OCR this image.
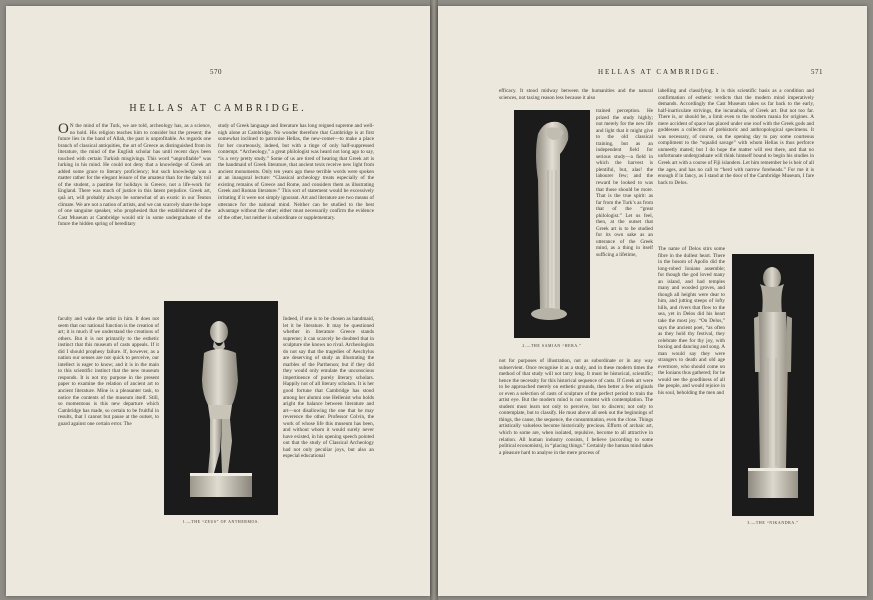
570
HELLAS AT CAMBRIDGE.
O N the mind of the Turk, we are told, archeology has, as a science, no hold. His religion teaches him to consider but the present; the future lies in the hand of Allah, the past is unprofitable. As regards one branch of classical antiquities, the art of Greece as distinguished from its literature, the mind of the English scholar has until recent days been touched with certain Turkish misgivings. This word “unprofitable” was lurking in his mind. He could not deny that a knowledge of Greek art added some grace to literary proficiency; but such knowledge was a matter rather for the elegant leisure of the amateur than for the daily toil of the student, a pastime for holidays in Greece, not a life-work for England. There was much of justice in this latent prejudice. Greek art, quâ art, will probably always be somewhat of an exotic in our Teuton climate. We are not a nation of artists, and we can scarcely share the hope of one sanguine speaker, who prophesied that the establishment of the Cast Museum at Cambridge would stir in some undergraduate of the future the hidden spring of hereditary
faculty and wake the artist in him. It does not seem that our national function is the creation of art; it is much if we understand the creations of others. But it is not primarily to the esthetic instinct that this museum of casts appeals. If it did I should prophesy failure. If, however, as a nation our senses are not quick to perceive, our intellect is eager to know; and it is in the main to this scientific instinct that the new museum responds. It is not my purpose in the present paper to examine the relation of ancient art to ancient literature. Mine is a pleasanter task, to notice the contents of the museum itself. Still, so momentous is this new departure which Cambridge has made, so certain to be fruitful in results, that I cannot but pause at the outset, to guard against one certain error. The
study of Greek language and literature has long reigned supreme and well-nigh alone at Cambridge. No wonder therefore that Cambridge is at first somewhat inclined to patronise Hellas, the new-comer—to make a place for her courteously, indeed, but with a tinge of only half-suppressed contempt. “Archeology,” a great philologist was heard not long ago to say, “is a very pretty study.” Some of us are tired of hearing that Greek art is the handmaid of Greek literature, that ancient texts receive new light from ancient monuments. Only ten years ago these terrible words were spoken at an inaugural lecture: “Classical archeology treats especially of the existing remains of Greece and Rome, and considers them as illustrating Greek and Roman literature.” This sort of statement would be excessively irritating if it were not simply ignorant. Art and literature are two means of utterance for the national mind. Neither can be studied to the best advantage without the other; either must necessarily confirm the evidence of the other, but neither is subordinate or supplementary.
Indeed, if one is to be chosen as handmaid, let it be literature. It may be questioned whether in literature Greece stands supreme; it can scarcely be doubted that in sculpture she knows no rival. Archeologists do not say that the tragedies of Aeschylus are deserving of study as illustrating the marbles of the Parthenon; but if they did they would only emulate the unconscious impertinence of purely literary scholars. Happily not of all literary scholars. It is her good fortune that Cambridge has stood among her alumni one Hellenist who holds aright the balance between literature and art—not disallowing the one that he may reverence the other. Professor Colvin, the work of whose life this museum has been, and without whom it would surely never have existed, in his opening speech pointed out that the study of Classical Archeology had not only peculiar joys, but also an especial educational
1.—THE “ZEUS” OF ANTHERMOS.
HELLAS AT CAMBRIDGE.	571
efficacy. It stood midway between the humanities and the natural sciences, not taxing reason less because it also
trained perception. He prized the study highly; not merely for the new life and light that it might give to the old classical training, but as an independent field for serious study—a field in which the harvest is plentiful, but, alas! the labourer few; and the reward be looked to was that those should be more. That is the true spirit: as far from the Turk’s as from that of the “great philologist.” Let us feel, then, at the outset that Greek art is to be studied for its own sake as an utterance of the Greek mind, as a thing in itself sufficing a lifetime,
not for purposes of illustration, not as subordinate or in any way subservient. Once recognise it as a study, and in these modern times the method of that study will not tarry long. It must be historical, scientific; hence the necessity for this historical sequence of casts. If Greek art were to be approached merely on esthetic grounds, then better a few originals or even a selection of casts of sculpture of the perfect period to train the artist eye. But the modern mind is not content with contemplation. The student must learn not only to perceive, but to discern; not only to contemplate, but to classify. He must above all seek out the beginnings of things, the cause, the sequence, the consummation, even the close. Things artistically valueless become historically precious. Efforts of archaic art, which to some are, when isolated, repulsive, become to all attractive in relation. All human industry consists, I believe (according to some political economists), in “placing things.” Certainly the human mind takes a pleasure hard to analyse in the mere process of
2.—THE SAMIAN “HERA.”
labelling and classifying. It is this scientific basis as a condition and confirmation of esthetic verdicts that the modern mind imperatively demands. Accordingly the Cast Museum takes us far back to the early, half-inarticulate strivings, the incunabula, of Greek art. But not too far. There is, or should be, a limit even to the modern mania for origines. A mere accident of space has placed under one roof with the Greek gods and goddesses a collection of prehistoric and anthropological specimens. It was necessary, of course, on the opening day to pay some courteous compliment to the “squalid savage” with whom Hellas is thus perforce unmeetly mated; but I do hope the matter will rest there, and that no unfortunate undergraduate will think himself bound to begin his studies in Greek art with a course of Fiji islanders. Let him remember he is heir of all the ages, and has no call to “herd with narrow foreheads.” For me it is enough if in fancy, as I stand at the door of the Cambridge Museum, I fare back to Delos.
The name of Delos stirs some fibre in the dullest heart. There in the bosom of Apollo did the long-robed Ionians assemble; for though the god loved many an island, and had temples many and wooded groves, and though all heights were dear to him, and jutting steeps of lofty hills, and rivers that flow to the sea, yet in Delos did his heart take the most joy. “On Delos,” says the ancient poet, “as often as they hold thy festival, they celebrate thee for thy joy, with boxing and dancing and song. A man would say they were strangers to death and old age evermore, who should come on the Ionians thus gathered; for he would see the goodliness of all the people, and would rejoice in his soul, beholding the men and
3.—THE “NIKANDRA.”
